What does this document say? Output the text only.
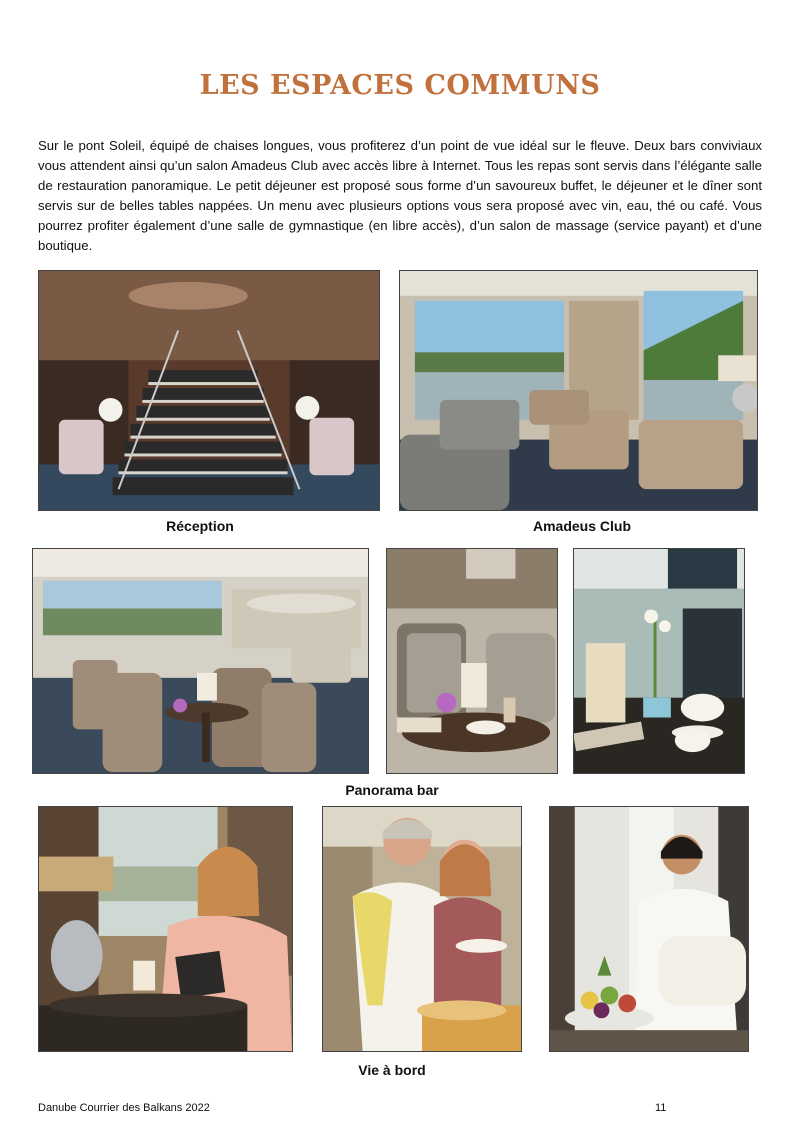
LES ESPACES COMMUNS

Sur le pont Soleil, équipé de chaises longues, vous profiterez d’un point de vue idéal sur le fleuve. Deux bars conviviaux vous attendent ainsi qu’un salon Amadeus Club avec accès libre à Internet. Tous les repas sont servis dans l’élégante salle de restauration panoramique. Le petit déjeuner est proposé sous forme d’un savoureux buffet, le déjeuner et le dîner sont servis sur de belles tables nappées. Un menu avec plusieurs options vous sera proposé avec vin, eau, thé ou café. Vous pourrez profiter également d’une salle de gymnastique (en libre accès), d’un salon de massage (service payant) et d’une boutique.

Réception	Amadeus Club

Panorama bar

Vie à bord

Danube Courrier des Balkans 2022	11
